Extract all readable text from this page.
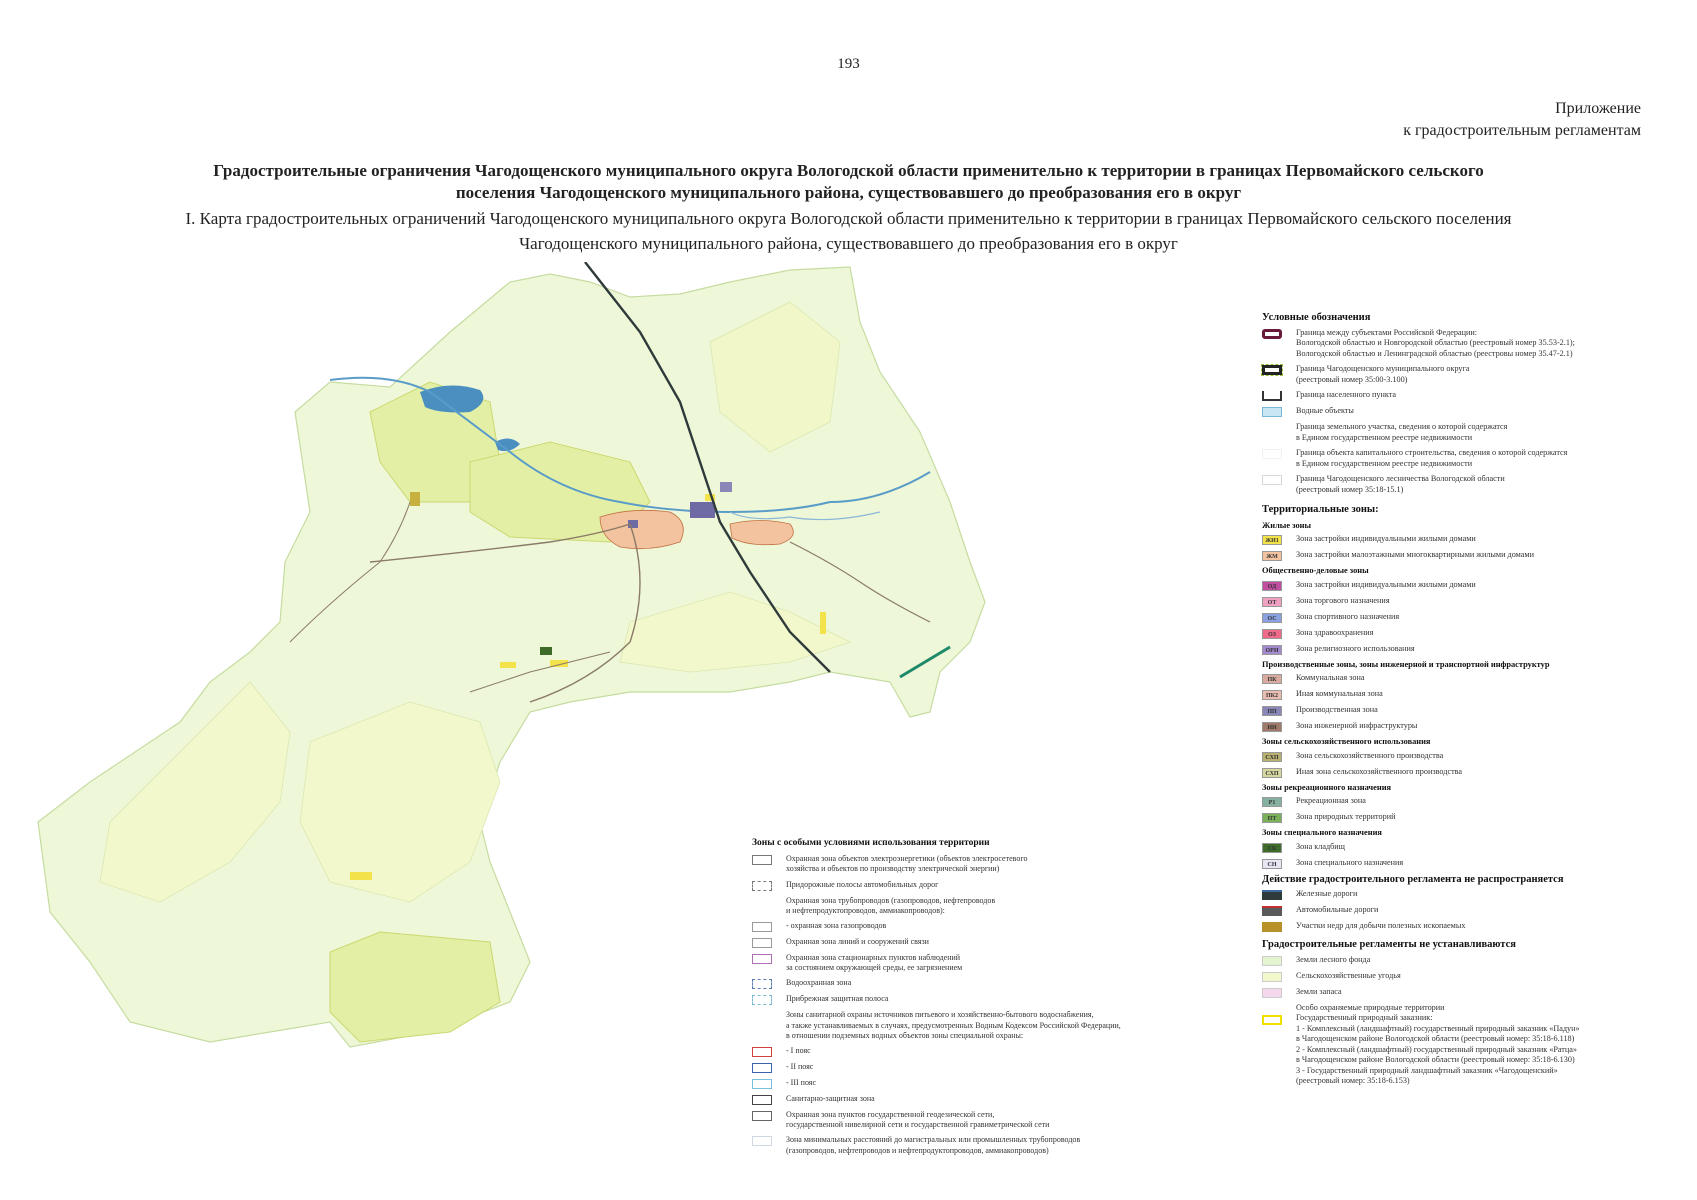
193
Приложение
к градостроительным регламентам
Градостроительные ограничения Чагодощенского муниципального округа Вологодской области применительно к территории в границах Первомайского сельского
поселения Чагодощенского муниципального района, существовавшего до преобразования его в округ
I. Карта градостроительных ограничений Чагодощенского муниципального округа Вологодской области применительно к территории в границах Первомайского сельского поселения
Чагодощенского муниципального района, существовавшего до преобразования его в округ
Условные обозначения
Граница между субъектами Российской Федерации:
Вологодской областью и Новгородской областью (реестровый номер 35.53-2.1);
Вологодской областью и Ленинградской областью (реестровы номер 35.47-2.1)
Граница Чагодощенского муниципального округа
(реестровый номер 35:00-3.100)
Граница населенного пункта
Водные объекты
Граница земельного участка, сведения о которой содержатся
в Едином государственном реестре недвижимости
Граница объекта капитального строительства, сведения о которой содержатся
в Едином государственном реестре недвижимости
Граница Чагодощенского лесничества Вологодской области
(реестровый номер 35:18-15.1)
Территориальные зоны:
Жилые зоны
ЖИ1	Зона застройки индивидуальными жилыми домами
ЖМ	Зона застройки малоэтажными многоквартирными жилыми домами
Общественно-деловые зоны
ОД	Зона застройки индивидуальными жилыми домами
ОТ	Зона торгового назначения
ОС	Зона спортивного назначения
ОЗ	Зона здравоохранения
ОРИ	Зона религиозного использования
Производственные зоны, зоны инженерной и транспортной инфраструктур
ПК	Коммунальная зона
ПК2	Иная коммунальная зона
ПП	Производственная зона
ИИ	Зона инженерной инфраструктуры
Зоны сельскохозяйственного использования
СХП	Зона сельскохозяйственного производства
СХП	Иная зона сельскохозяйственного производства
Зоны рекреационного назначения
Р1	Рекреационная зона
ПТ	Зона природных территорий
Зоны специального назначения
СК	Зона кладбищ
СН	Зона специального назначения
Действие градостроительного регламента не распространяется
Железные дороги
Автомобильные дороги
Участки недр для добычи полезных ископаемых
Градостроительные регламенты не устанавливаются
Земли лесного фонда
Сельскохозяйственные угодья
Земли запаса
Особо охраняемые природные территории
Государственный природный заказник:
1 - Комплексный (ландшафтный) государственный природный заказник «Падун»
в Чагодощенском районе Вологодской области (реестровый номер: 35:18-6.118)
2 - Комплексный (ландшафтный) государственный природный заказник «Ратца»
в Чагодощенском районе Вологодской области (реестровый номер: 35:18-6.130)
3 - Государственный природный ландшафтный заказник «Чагодощенский»
(реестровый номер: 35:18-6.153)
Зоны с особыми условиями использования территории
Охранная зона объектов электроэнергетики (объектов электросетевого
хозяйства и объектов по производству электрической энергии)
Придорожные полосы автомобильных дорог
Охранная зона трубопроводов (газопроводов, нефтепроводов
и нефтепродуктопроводов, аммиакопроводов):
- охранная зона газопроводов
Охранная зона линий и сооружений связи
Охранная зона стационарных пунктов наблюдений
за состоянием окружающей среды, ее загрязнением
Водоохранная зона
Прибрежная защитная полоса
Зоны санитарной охраны источников питьевого и хозяйственно-бытового водоснабжения,
а также устанавливаемых в случаях, предусмотренных Водным Кодексом Российской Федерации,
в отношении подземных водных объектов зоны специальной охраны:
- I пояс
- II пояс
- III пояс
Санитарно-защитная зона
Охранная зона пунктов государственной геодезической сети,
государственной нивелирной сети и государственной гравиметрической сети
Зона минимальных расстояний до магистральных или промышленных трубопроводов
(газопроводов, нефтепроводов и нефтепродуктопроводов, аммиакопроводов)
